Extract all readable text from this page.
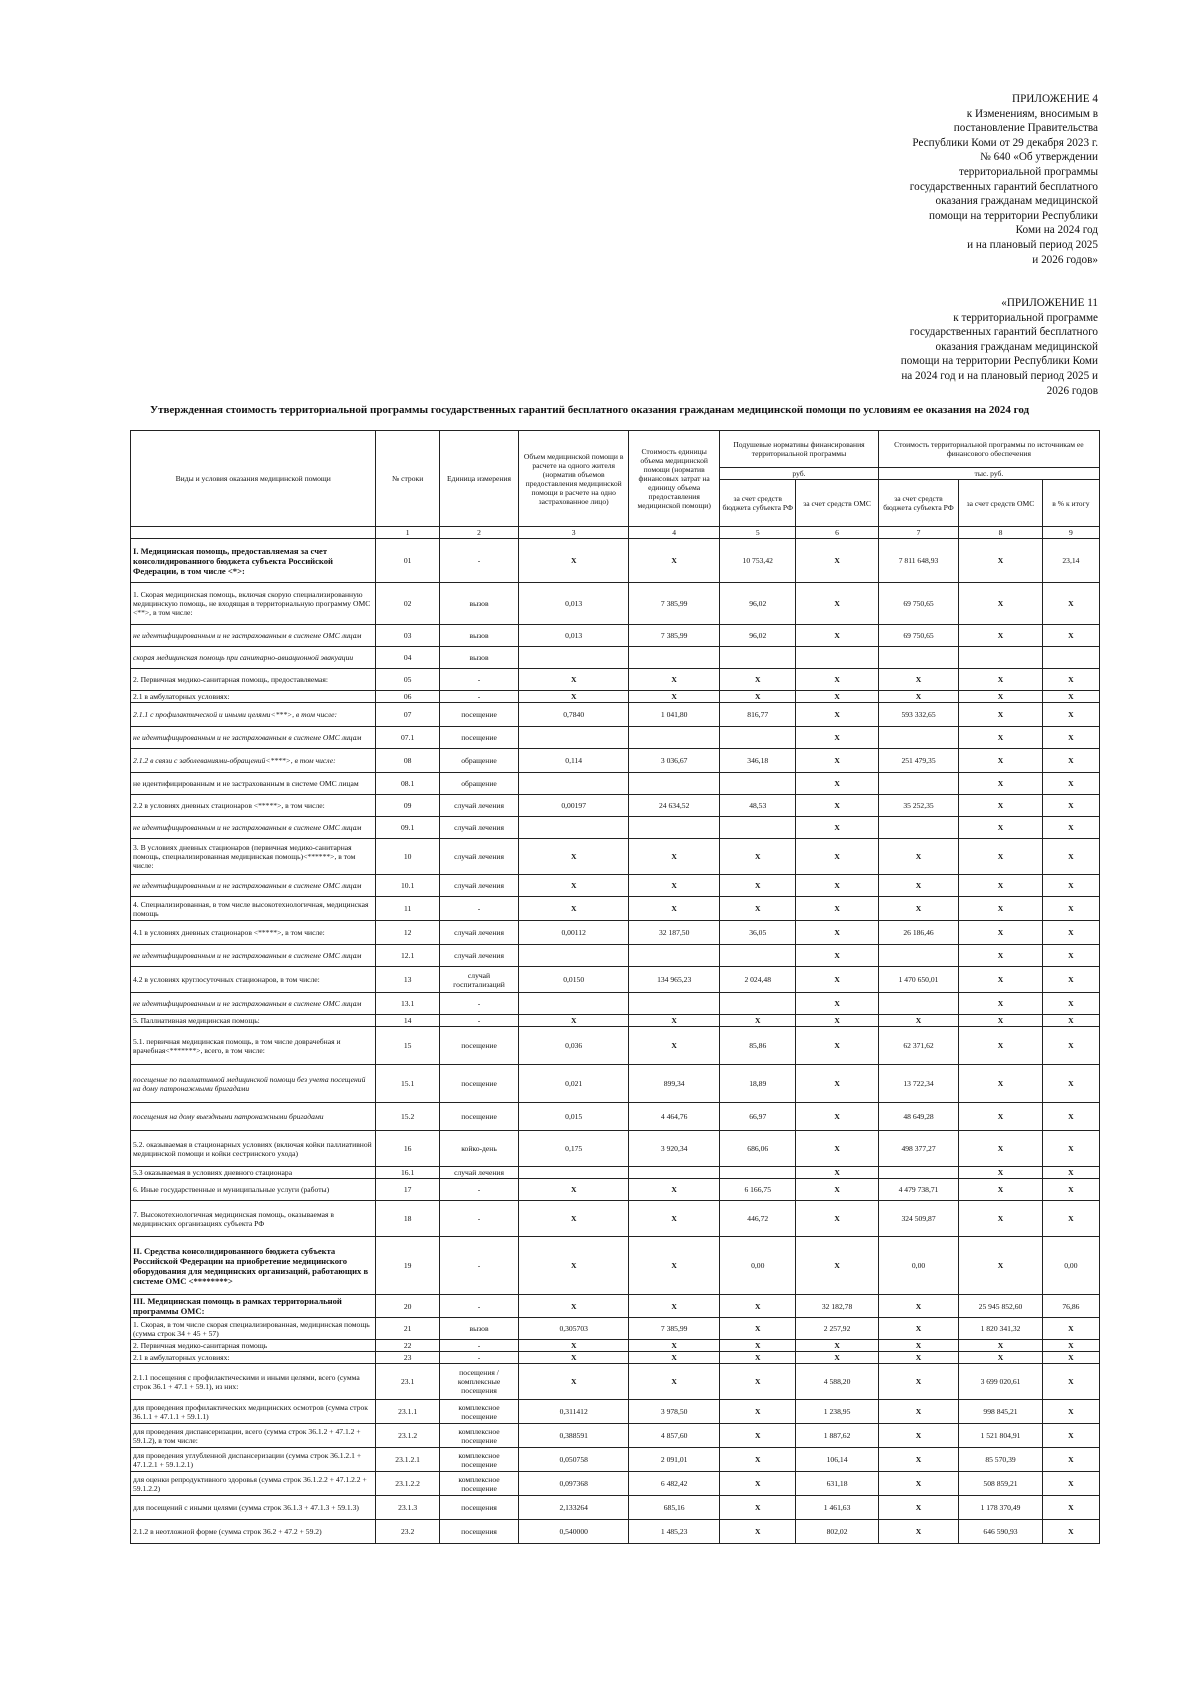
ПРИЛОЖЕНИЕ 4
к Изменениям, вносимым в
постановление Правительства
Республики Коми от 29 декабря 2023 г.
№ 640 «Об утверждении
территориальной программы
государственных гарантий бесплатного
оказания гражданам медицинской
помощи на территории Республики
Коми на 2024 год
и на плановый период 2025
и 2026 годов»
«ПРИЛОЖЕНИЕ 11
к территориальной программе
государственных гарантий бесплатного
оказания гражданам медицинской
помощи на территории Республики Коми
на 2024 год и на плановый период 2025 и
2026 годов
Утвержденная стоимость территориальной программы государственных гарантий бесплатного оказания гражданам медицинской помощи по условиям ее оказания на 2024 год
Виды и условия оказания медицинской помощи	№ строки	Единица измерения	Объем медицинской помощи в расчете на одного жителя (норматив объемов предоставления медицинской помощи в расчете на одно застрахованное лицо)	Стоимость единицы объема медицинской помощи (норматив финансовых затрат на единицу объема предоставления медицинской помощи)	Подушевые нормативы финансирования территориальной программы		Стоимость территориальной программы по источникам ее финансового обеспечения		
					руб.		тыс. руб.		
					за счет средств бюджета субъекта РФ	за счет средств ОМС	за счет средств бюджета субъекта РФ	за счет средств ОМС	в % к итогу
	1	2	3	4	5	6	7	8	9
I. Медицинская помощь, предоставляемая за счет консолидированного бюджета субъекта Российской Федерации, в том числе <*>:	01	-	X	X	10 753,42	X	7 811 648,93	X	23,14
1. Скорая медицинская помощь, включая скорую специализированную медицинскую помощь, не входящая в территориальную программу ОМС <**>, в том числе:	02	вызов	0,013	7 385,99	96,02	X	69 750,65	X	X
не идентифицированным и не застрахованным в системе ОМС лицам	03	вызов	0,013	7 385,99	96,02	X	69 750,65	X	X
скорая медицинская помощь при санитарно-авиационной эвакуации	04	вызов							
2. Первичная медико-санитарная помощь, предоставляемая:	05	-	X	X	X	X	X	X	X
2.1 в амбулаторных условиях:	06	-	X	X	X	X	X	X	X
2.1.1 с профилактической и иными целями<***>, в том числе:	07	посещение	0,7840	1 041,80	816,77	X	593 332,65	X	X
не идентифицированным и не застрахованным в системе ОМС лицам	07.1	посещение				X		X	X
2.1.2 в связи с заболеваниями-обращений<****>, в том числе:	08	обращение	0,114	3 036,67	346,18	X	251 479,35	X	X
не идентифицированным и не застрахованным в системе ОМС лицам	08.1	обращение				X		X	X
2.2 в условиях дневных стационаров <*****>, в том числе:	09	случай лечения	0,00197	24 634,52	48,53	X	35 252,35	X	X
не идентифицированным и не застрахованным в системе ОМС лицам	09.1	случай лечения				X		X	X
3. В условиях дневных стационаров (первичная медико-санитарная помощь, специализированная медицинская помощь)<******>, в том числе:	10	случай лечения	X	X	X	X	X	X	X
не идентифицированным и не застрахованным в системе ОМС лицам	10.1	случай лечения	X	X	X	X	X	X	X
4. Специализированная, в том числе высокотехнологичная, медицинская помощь	11	-	X	X	X	X	X	X	X
4.1 в условиях дневных стационаров <*****>, в том числе:	12	случай лечения	0,00112	32 187,50	36,05	X	26 186,46	X	X
не идентифицированным и не застрахованным в системе ОМС лицам	12.1	случай лечения				X		X	X
4.2 в условиях круглосуточных стационаров, в том числе:	13	случай госпитализаций	0,0150	134 965,23	2 024,48	X	1 470 650,01	X	X
не идентифицированным и не застрахованным в системе ОМС лицам	13.1	-				X		X	X
5. Паллиативная медицинская помощь:	14	-	X	X	X	X	X	X	X
5.1. первичная медицинская помощь, в том числе доврачебная и врачебная<*******>, всего, в том числе:	15	посещение	0,036	X	85,86	X	62 371,62	X	X
посещение по паллиативной медицинской помощи без учета посещений на дому патронажными бригадами	15.1	посещение	0,021	899,34	18,89	X	13 722,34	X	X
посещения на дому выездными патронажными бригадами	15.2	посещение	0,015	4 464,76	66,97	X	48 649,28	X	X
5.2. оказываемая в стационарных условиях (включая койки паллиативной медицинской помощи и койки сестринского ухода)	16	койко-день	0,175	3 920,34	686,06	X	498 377,27	X	X
5.3 оказываемая в условиях дневного стационара	16.1	случай лечения				X		X	X
6. Иные государственные и муниципальные услуги (работы)	17	-	X	X	6 166,75	X	4 479 738,71	X	X
7. Высокотехнологичная медицинская помощь, оказываемая в медицинских организациях субъекта РФ	18	-	X	X	446,72	X	324 509,87	X	X
II. Средства консолидированного бюджета субъекта Российской Федерации на приобретение медицинского оборудования для медицинских организаций, работающих в системе ОМС <********>	19	-	X	X	0,00	X	0,00	X	0,00
III. Медицинская помощь в рамках территориальной программы ОМС:	20	-	X	X	X	32 182,78	X	25 945 852,60	76,86
1. Скорая, в том числе скорая специализированная, медицинская помощь (сумма строк 34 + 45 + 57)	21	вызов	0,305703	7 385,99	X	2 257,92	X	1 820 341,32	X
2. Первичная медико-санитарная помощь	22	-	X	X	X	X	X	X	X
2.1 в амбулаторных условиях:	23	-	X	X	X	X	X	X	X
2.1.1 посещения с профилактическими и иными целями, всего (сумма строк 36.1 + 47.1 + 59.1), из них:	23.1	посещения / комплексные посещения	X	X	X	4 588,20	X	3 699 020,61	X
для проведения профилактических медицинских осмотров (сумма строк 36.1.1 + 47.1.1 + 59.1.1)	23.1.1	комплексное посещение	0,311412	3 978,50	X	1 238,95	X	998 845,21	X
для проведения диспансеризации, всего (сумма строк 36.1.2 + 47.1.2 + 59.1.2), в том числе:	23.1.2	комплексное посещение	0,388591	4 857,60	X	1 887,62	X	1 521 804,91	X
для проведения углубленной диспансеризации (сумма строк 36.1.2.1 + 47.1.2.1 + 59.1.2.1)	23.1.2.1	комплексное посещение	0,050758	2 091,01	X	106,14	X	85 570,39	X
для оценки репродуктивного здоровья (сумма строк 36.1.2.2 + 47.1.2.2 + 59.1.2.2)	23.1.2.2	комплексное посещение	0,097368	6 482,42	X	631,18	X	508 859,21	X
для посещений с иными целями (сумма строк 36.1.3 + 47.1.3 + 59.1.3)	23.1.3	посещения	2,133264	685,16	X	1 461,63	X	1 178 370,49	X
2.1.2 в неотложной форме (сумма строк 36.2 + 47.2 + 59.2)	23.2	посещения	0,540000	1 485,23	X	802,02	X	646 590,93	X
